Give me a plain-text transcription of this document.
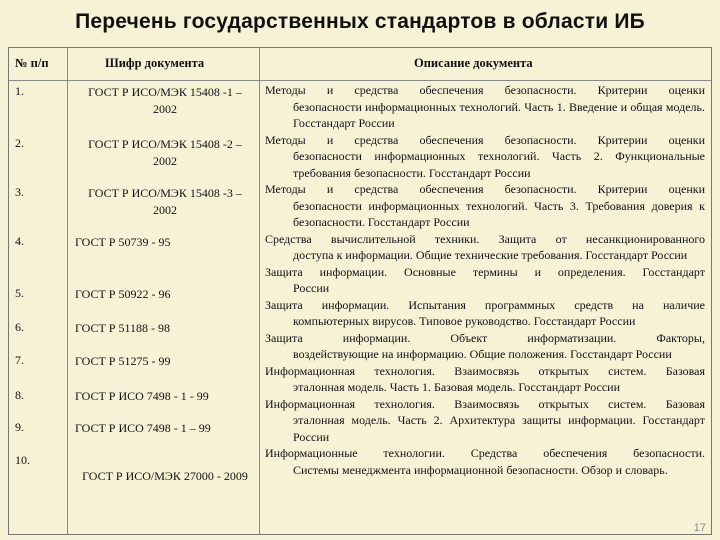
Перечень государственных стандартов в области ИБ
№ п/п	Шифр документа	Описание документа
1.
2.
3.
4.
5.
6.
7.
8.
9.
10.
ГОСТ Р ИСО/МЭК 15408 -1 – 2002
ГОСТ Р ИСО/МЭК 15408 -2 – 2002
ГОСТ Р ИСО/МЭК 15408 -3 – 2002
ГОСТ Р 50739 - 95
ГОСТ Р 50922 - 96
ГОСТ Р 51188 - 98
ГОСТ Р 51275 - 99
ГОСТ Р ИСО 7498 - 1 - 99
ГОСТ Р ИСО 7498 - 1 – 99
ГОСТ Р ИСО/МЭК 27000 - 2009
Методы и средства обеспечения безопасности. Критерии оценки
безопасности информационных технологий. Часть 1. Введение и общая модель. Госстандарт России
Методы и средства обеспечения безопасности. Критерии оценки
безопасности информационных технологий. Часть 2. Функциональные требования безопасности. Госстандарт России
Методы и средства обеспечения безопасности. Критерии оценки
безопасности информационных технологий. Часть 3. Требования доверия к безопасности. Госстандарт России
Средства вычислительной техники. Защита от несанкционированного
доступа к информации. Общие технические требования. Госстандарт России
Защита информации. Основные термины и определения. Госстандарт
России
Защита информации. Испытания программных средств на наличие
компьютерных вирусов. Типовое руководство. Госстандарт России
Защита информации. Объект информатизации. Факторы,
воздействующие на информацию. Общие положения. Госстандарт России
Информационная технология. Взаимосвязь открытых систем. Базовая
эталонная модель. Часть 1. Базовая модель. Госстандарт России
Информационная технология. Взаимосвязь открытых систем. Базовая
эталонная модель. Часть 2. Архитектура защиты информации. Госстандарт России
Информационные технологии. Средства обеспечения безопасности.
Системы менеджмента информационной безопасности. Обзор и словарь.
17
